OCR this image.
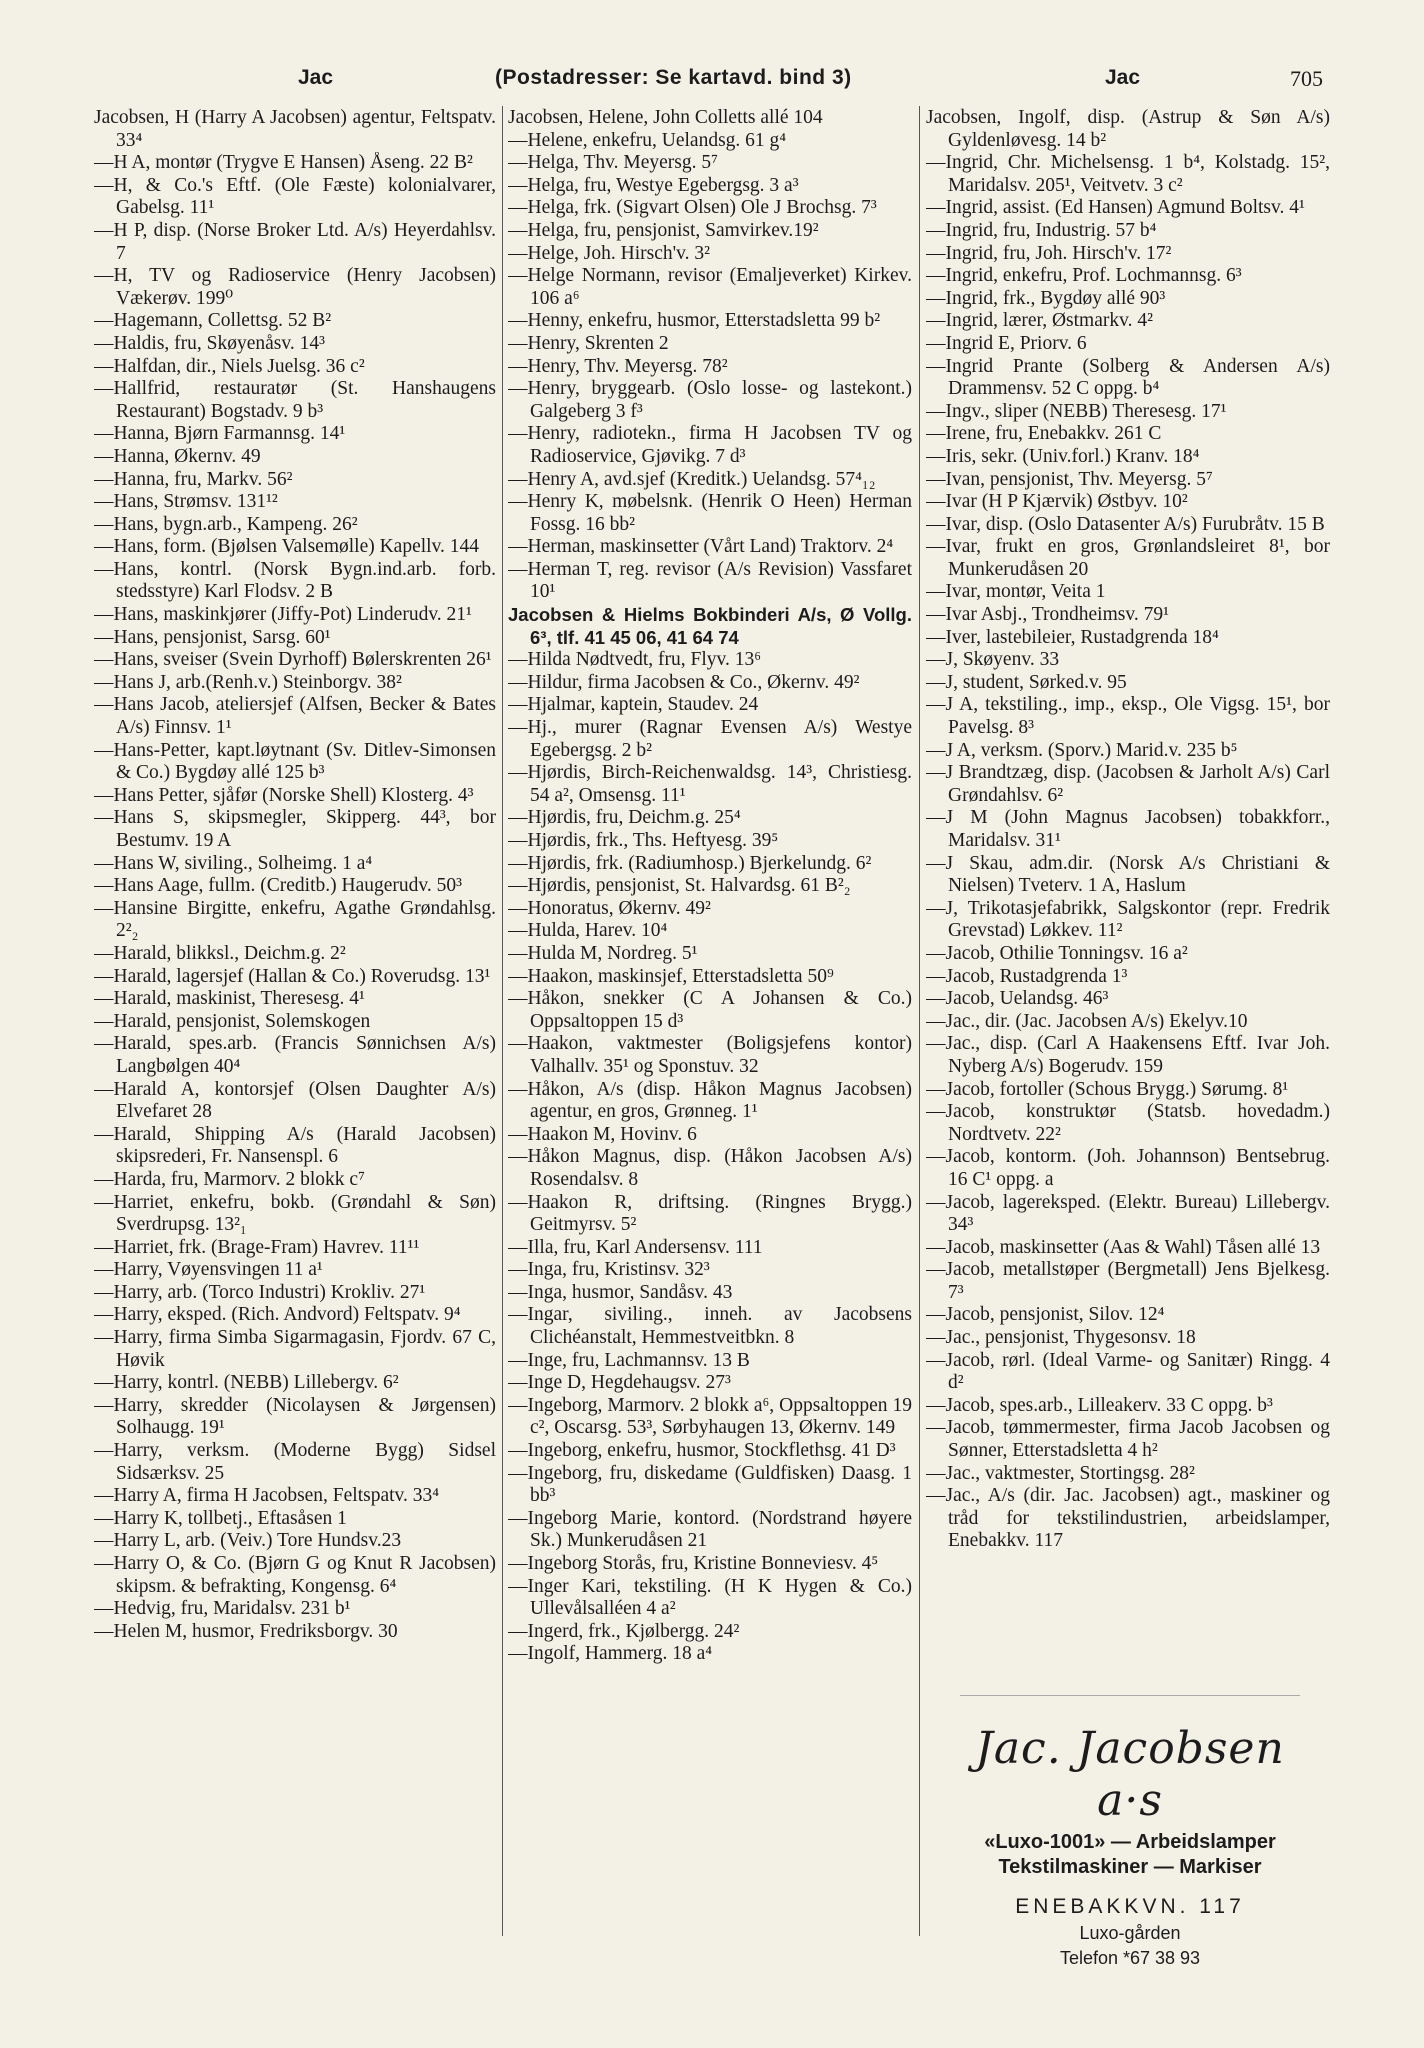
Jac	(Postadresser: Se kartavd. bind 3)	Jac	705
Jacobsen, H (Harry A Jacobsen) agentur, Feltspatv. 33⁴
—H A, montør (Trygve E Hansen) Åseng. 22 B²
—H, & Co.'s Eftf. (Ole Fæste) kolonialvarer, Gabelsg. 11¹
—H P, disp. (Norse Broker Ltd. A/s) Heyerdahlsv. 7
—H, TV og Radioservice (Henry Jacobsen) Vækerøv. 199⁰
—Hagemann, Collettsg. 52 B²
—Haldis, fru, Skøyenåsv. 14³
—Halfdan, dir., Niels Juelsg. 36 c²
—Hallfrid, restauratør (St. Hanshaugens Restaurant) Bogstadv. 9 b³
—Hanna, Bjørn Farmannsg. 14¹
—Hanna, Økernv. 49
—Hanna, fru, Markv. 56²
—Hans, Strømsv. 131¹²
—Hans, bygn.arb., Kampeng. 26²
—Hans, form. (Bjølsen Valsemølle) Kapellv. 144
—Hans, kontrl. (Norsk Bygn.ind.arb. forb. stedsstyre) Karl Flodsv. 2 B
—Hans, maskinkjører (Jiffy-Pot) Linderudv. 21¹
—Hans, pensjonist, Sarsg. 60¹
—Hans, sveiser (Svein Dyrhoff) Bølerskrenten 26¹
—Hans J, arb.(Renh.v.) Steinborgv. 38²
—Hans Jacob, ateliersjef (Alfsen, Becker & Bates A/s) Finnsv. 1¹
—Hans-Petter, kapt.løytnant (Sv. Ditlev-Simonsen & Co.) Bygdøy allé 125 b³
—Hans Petter, sjåfør (Norske Shell) Klosterg. 4³
—Hans S, skipsmegler, Skipperg. 44³, bor Bestumv. 19 A
—Hans W, siviling., Solheimg. 1 a⁴
—Hans Aage, fullm. (Creditb.) Haugerudv. 50³
—Hansine Birgitte, enkefru, Agathe Grøndahlsg. 2²₂
—Harald, blikksl., Deichm.g. 2²
—Harald, lagersjef (Hallan & Co.) Roverudsg. 13¹
—Harald, maskinist, Theresesg. 4¹
—Harald, pensjonist, Solemskogen
—Harald, spes.arb. (Francis Sønnichsen A/s) Langbølgen 40⁴
—Harald A, kontorsjef (Olsen Daughter A/s) Elvefaret 28
—Harald, Shipping A/s (Harald Jacobsen) skipsrederi, Fr. Nansenspl. 6
—Harda, fru, Marmorv. 2 blokk c⁷
—Harriet, enkefru, bokb. (Grøndahl & Søn) Sverdrupsg. 13²₁
—Harriet, frk. (Brage-Fram) Havrev. 11¹¹
—Harry, Vøyensvingen 11 a¹
—Harry, arb. (Torco Industri) Krokliv. 27¹
—Harry, eksped. (Rich. Andvord) Feltspatv. 9⁴
—Harry, firma Simba Sigarmagasin, Fjordv. 67 C, Høvik
—Harry, kontrl. (NEBB) Lillebergv. 6²
—Harry, skredder (Nicolaysen & Jørgensen) Solhaugg. 19¹
—Harry, verksm. (Moderne Bygg) Sidsel Sidsærksv. 25
—Harry A, firma H Jacobsen, Feltspatv. 33⁴
—Harry K, tollbetj., Eftasåsen 1
—Harry L, arb. (Veiv.) Tore Hundsv.23
—Harry O, & Co. (Bjørn G og Knut R Jacobsen) skipsm. & befrakting, Kongensg. 6⁴
—Hedvig, fru, Maridalsv. 231 b¹
—Helen M, husmor, Fredriksborgv. 30
Jacobsen, Helene, John Colletts allé 104
—Helene, enkefru, Uelandsg. 61 g⁴
—Helga, Thv. Meyersg. 5⁷
—Helga, fru, Westye Egebergsg. 3 a³
—Helga, frk. (Sigvart Olsen) Ole J Brochsg. 7³
—Helga, fru, pensjonist, Samvirkev.19²
—Helge, Joh. Hirsch'v. 3²
—Helge Normann, revisor (Emaljeverket) Kirkev. 106 a⁶
—Henny, enkefru, husmor, Etterstadsletta 99 b²
—Henry, Skrenten 2
—Henry, Thv. Meyersg. 78²
—Henry, bryggearb. (Oslo losse- og lastekont.) Galgeberg 3 f³
—Henry, radiotekn., firma H Jacobsen TV og Radioservice, Gjøvikg. 7 d³
—Henry A, avd.sjef (Kreditk.) Uelandsg. 57⁴₁₂
—Henry K, møbelsnk. (Henrik O Heen) Herman Fossg. 16 bb²
—Herman, maskinsetter (Vårt Land) Traktorv. 2⁴
—Herman T, reg. revisor (A/s Revision) Vassfaret 10¹
Jacobsen & Hielms Bokbinderi A/s, Ø Vollg. 6³, tlf. 41 45 06, 41 64 74
—Hilda Nødtvedt, fru, Flyv. 13⁶
—Hildur, firma Jacobsen & Co., Økernv. 49²
—Hjalmar, kaptein, Staudev. 24
—Hj., murer (Ragnar Evensen A/s) Westye Egebergsg. 2 b²
—Hjørdis, Birch-Reichenwaldsg. 14³, Christiesg. 54 a², Omsensg. 11¹
—Hjørdis, fru, Deichm.g. 25⁴
—Hjørdis, frk., Ths. Heftyesg. 39⁵
—Hjørdis, frk. (Radiumhosp.) Bjerkelundg. 6²
—Hjørdis, pensjonist, St. Halvardsg. 61 B²₂
—Honoratus, Økernv. 49²
—Hulda, Harev. 10⁴
—Hulda M, Nordreg. 5¹
—Haakon, maskinsjef, Etterstadsletta 50⁹
—Håkon, snekker (C A Johansen & Co.) Oppsaltoppen 15 d³
—Haakon, vaktmester (Boligsjefens kontor) Valhallv. 35¹ og Sponstuv. 32
—Håkon, A/s (disp. Håkon Magnus Jacobsen) agentur, en gros, Grønneg. 1¹
—Haakon M, Hovinv. 6
—Håkon Magnus, disp. (Håkon Jacobsen A/s) Rosendalsv. 8
—Haakon R, driftsing. (Ringnes Brygg.) Geitmyrsv. 5²
—Illa, fru, Karl Andersensv. 111
—Inga, fru, Kristinsv. 32³
—Inga, husmor, Sandåsv. 43
—Ingar, siviling., inneh. av Jacobsens Clichéanstalt, Hemmestveitbkn. 8
—Inge, fru, Lachmannsv. 13 B
—Inge D, Hegdehaugsv. 27³
—Ingeborg, Marmorv. 2 blokk a⁶, Oppsaltoppen 19 c², Oscarsg. 53³, Sørbyhaugen 13, Økernv. 149
—Ingeborg, enkefru, husmor, Stockflethsg. 41 D³
—Ingeborg, fru, diskedame (Guldfisken) Daasg. 1 bb³
—Ingeborg Marie, kontord. (Nordstrand høyere Sk.) Munkerudåsen 21
—Ingeborg Storås, fru, Kristine Bonneviesv. 4⁵
—Inger Kari, tekstiling. (H K Hygen & Co.) Ullevålsalléen 4 a²
—Ingerd, frk., Kjølbergg. 24²
—Ingolf, Hammerg. 18 a⁴
Jacobsen, Ingolf, disp. (Astrup & Søn A/s) Gyldenløvesg. 14 b²
—Ingrid, Chr. Michelsensg. 1 b⁴, Kolstadg. 15², Maridalsv. 205¹, Veitvetv. 3 c²
—Ingrid, assist. (Ed Hansen) Agmund Boltsv. 4¹
—Ingrid, fru, Industrig. 57 b⁴
—Ingrid, fru, Joh. Hirsch'v. 17²
—Ingrid, enkefru, Prof. Lochmannsg. 6³
—Ingrid, frk., Bygdøy allé 90³
—Ingrid, lærer, Østmarkv. 4²
—Ingrid E, Priorv. 6
—Ingrid Prante (Solberg & Andersen A/s) Drammensv. 52 C oppg. b⁴
—Ingv., sliper (NEBB) Theresesg. 17¹
—Irene, fru, Enebakkv. 261 C
—Iris, sekr. (Univ.forl.) Kranv. 18⁴
—Ivan, pensjonist, Thv. Meyersg. 5⁷
—Ivar (H P Kjærvik) Østbyv. 10²
—Ivar, disp. (Oslo Datasenter A/s) Furubråtv. 15 B
—Ivar, frukt en gros, Grønlandsleiret 8¹, bor Munkerudåsen 20
—Ivar, montør, Veita 1
—Ivar Asbj., Trondheimsv. 79¹
—Iver, lastebileier, Rustadgrenda 18⁴
—J, Skøyenv. 33
—J, student, Sørked.v. 95
—J A, tekstiling., imp., eksp., Ole Vigsg. 15¹, bor Pavelsg. 8³
—J A, verksm. (Sporv.) Marid.v. 235 b⁵
—J Brandtzæg, disp. (Jacobsen & Jarholt A/s) Carl Grøndahlsv. 6²
—J M (John Magnus Jacobsen) tobakkforr., Maridalsv. 31¹
—J Skau, adm.dir. (Norsk A/s Christiani & Nielsen) Tveterv. 1 A, Haslum
—J, Trikotasjefabrikk, Salgskontor (repr. Fredrik Grevstad) Løkkev. 11²
—Jacob, Othilie Tonningsv. 16 a²
—Jacob, Rustadgrenda 1³
—Jacob, Uelandsg. 46³
—Jac., dir. (Jac. Jacobsen A/s) Ekelyv.10
—Jac., disp. (Carl A Haakensens Eftf. Ivar Joh. Nyberg A/s) Bogerudv. 159
—Jacob, fortoller (Schous Brygg.) Sørumg. 8¹
—Jacob, konstruktør (Statsb. hovedadm.) Nordtvetv. 22²
—Jacob, kontorm. (Joh. Johannson) Bentsebrug. 16 C¹ oppg. a
—Jacob, lagereksped. (Elektr. Bureau) Lillebergv. 34³
—Jacob, maskinsetter (Aas & Wahl) Tåsen allé 13
—Jacob, metallstøper (Bergmetall) Jens Bjelkesg. 7³
—Jacob, pensjonist, Silov. 12⁴
—Jac., pensjonist, Thygesonsv. 18
—Jacob, rørl. (Ideal Varme- og Sanitær) Ringg. 4 d²
—Jacob, spes.arb., Lilleakerv. 33 C oppg. b³
—Jacob, tømmermester, firma Jacob Jacobsen og Sønner, Etterstadsletta 4 h²
—Jac., vaktmester, Stortingsg. 28²
—Jac., A/s (dir. Jac. Jacobsen) agt., maskiner og tråd for tekstilindustrien, arbeidslamper, Enebakkv. 117
Jac. Jacobsen a·s
«Luxo-1001» — Arbeidslamper
Tekstilmaskiner — Markiser
ENEBAKKVN. 117
Luxo-gården
Telefon *67 38 93
